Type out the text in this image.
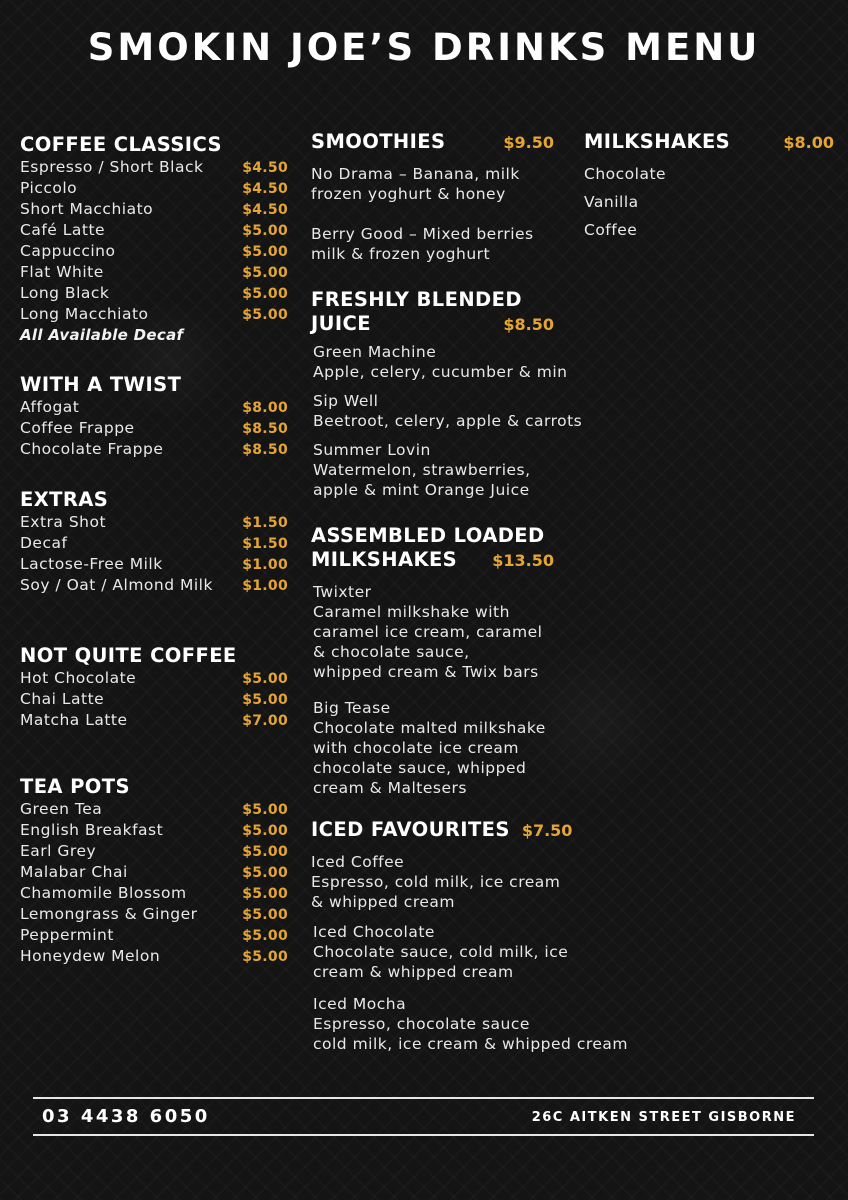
SMOKIN JOE’S DRINKS MENU
COFFEE CLASSICS
Espresso / Short Black	$4.50
Piccolo	$4.50
Short Macchiato	$4.50
Café Latte	$5.00
Cappuccino	$5.00
Flat White	$5.00
Long Black	$5.00
Long Macchiato	$5.00
All Available Decaf
WITH A TWIST
Affogat	$8.00
Coffee Frappe	$8.50
Chocolate Frappe	$8.50
EXTRAS
Extra Shot	$1.50
Decaf	$1.50
Lactose-Free Milk	$1.00
Soy / Oat / Almond Milk $1.00
NOT QUITE COFFEE
Hot Chocolate	$5.00
Chai Latte	$5.00
Matcha Latte	$7.00
TEA POTS
Green Tea	$5.00
English Breakfast	$5.00
Earl Grey	$5.00
Malabar Chai	$5.00
Chamomile Blossom	$5.00
Lemongrass & Ginger	$5.00
Peppermint	$5.00
Honeydew Melon	$5.00
SMOOTHIES	$9.50
No Drama – Banana, milk
frozen yoghurt & honey
Berry Good – Mixed berries
milk & frozen yoghurt
FRESHLY BLENDED
JUICE	$8.50
Green Machine
Apple, celery, cucumber & min
Sip Well
Beetroot, celery, apple & carrots
Summer Lovin
Watermelon, strawberries,
apple & mint Orange Juice
ASSEMBLED LOADED
MILKSHAKES $13.50
Twixter
Caramel milkshake with
caramel ice cream, caramel
& chocolate sauce,
whipped cream & Twix bars
Big Tease
Chocolate malted milkshake
with chocolate ice cream
chocolate sauce, whipped
cream & Maltesers
ICED FAVOURITES $7.50
Iced Coffee
Espresso, cold milk, ice cream
& whipped cream
Iced Chocolate
Chocolate sauce, cold milk, ice
cream & whipped cream
Iced Mocha
Espresso, chocolate sauce
cold milk, ice cream & whipped cream
MILKSHAKES	$8.00
Chocolate
Vanilla
Coffee
03 4438 6050	26C AITKEN STREET GISBORNE
